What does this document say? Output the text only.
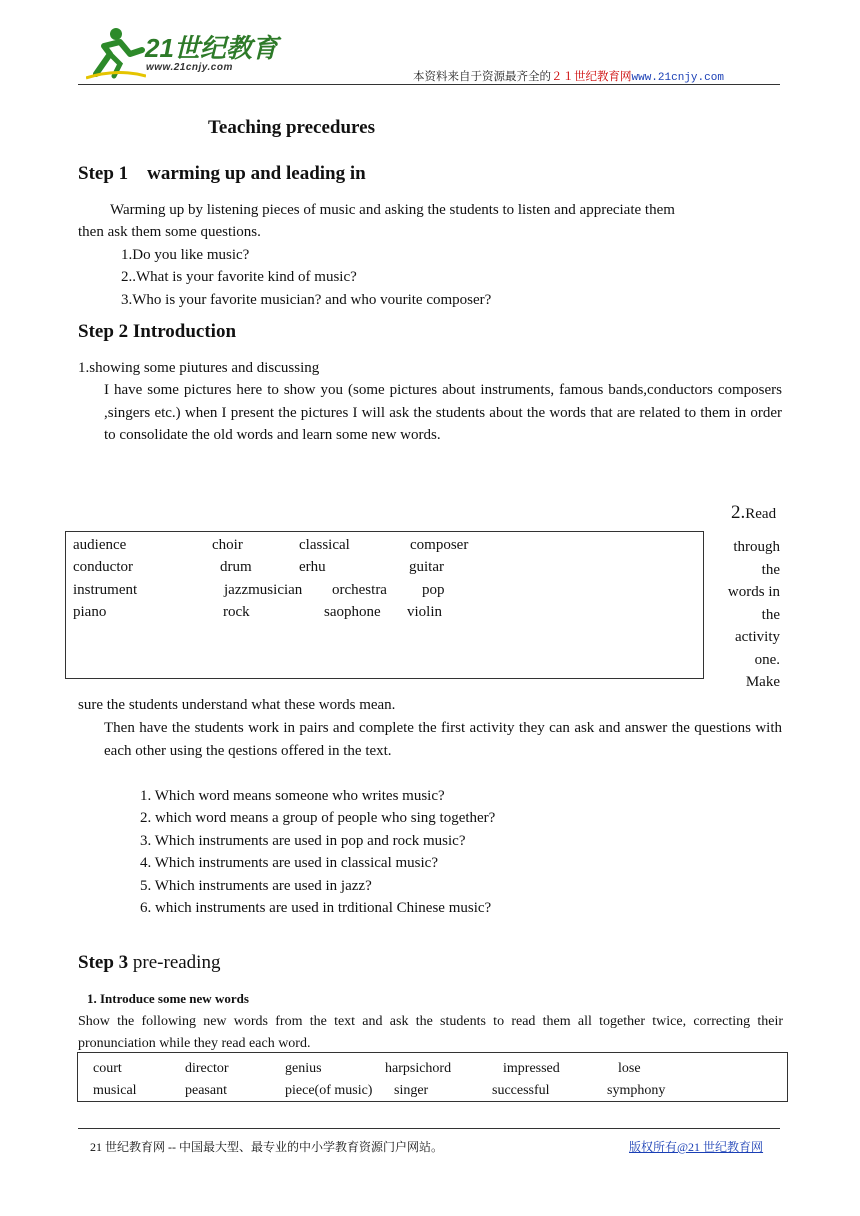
21世纪教育
www.21cnjy.com
本资料来自于资源最齐全的２１世纪教育网www.21cnjy.com
Teaching precedures
Step 1 warming up and leading in
Warming up by listening pieces of music and asking the students to listen and appreciate them
then ask them some questions.
1.Do you like music?
2..What is your favorite kind of music?
3.Who is your favorite musician? and who vourite composer?
Step 2 Introduction
1.showing some piutures and discussing
I have some pictures here to show you (some pictures about instruments, famous bands,conductors composers ,singers etc.) when I present the pictures I will ask the students about the words that are related to them in order to consolidate the old words and learn some new words.
2.Read
through
the
words in
the
activity
one.
Make
audience	choir	classical	composer
conductor	drum	erhu	guitar
instrument	jazzmusician orchestra pop
piano	rock	saophone violin
sure the students understand what these words mean.
Then have the students work in pairs and complete the first activity they can ask and answer the questions with each other using the qestions offered in the text.
1. Which word means someone who writes music?
2. which word means a group of people who sing together?
3. Which instruments are used in pop and rock music?
4. Which instruments are used in classical music?
5. Which instruments are used in jazz?
6. which instruments are used in trditional Chinese music?
Step 3 pre-reading
1. Introduce some new words
Show the following new words from the text and ask the students to read them all together twice, correcting their pronunciation while they read each word.
court	director	genius	harpsichord	impressed	lose
musical	peasant	piece(of music) singer	successful	symphony
21 世纪教育网 -- 中国最大型、最专业的中小学教育资源门户网站。	版权所有@21 世纪教育网
